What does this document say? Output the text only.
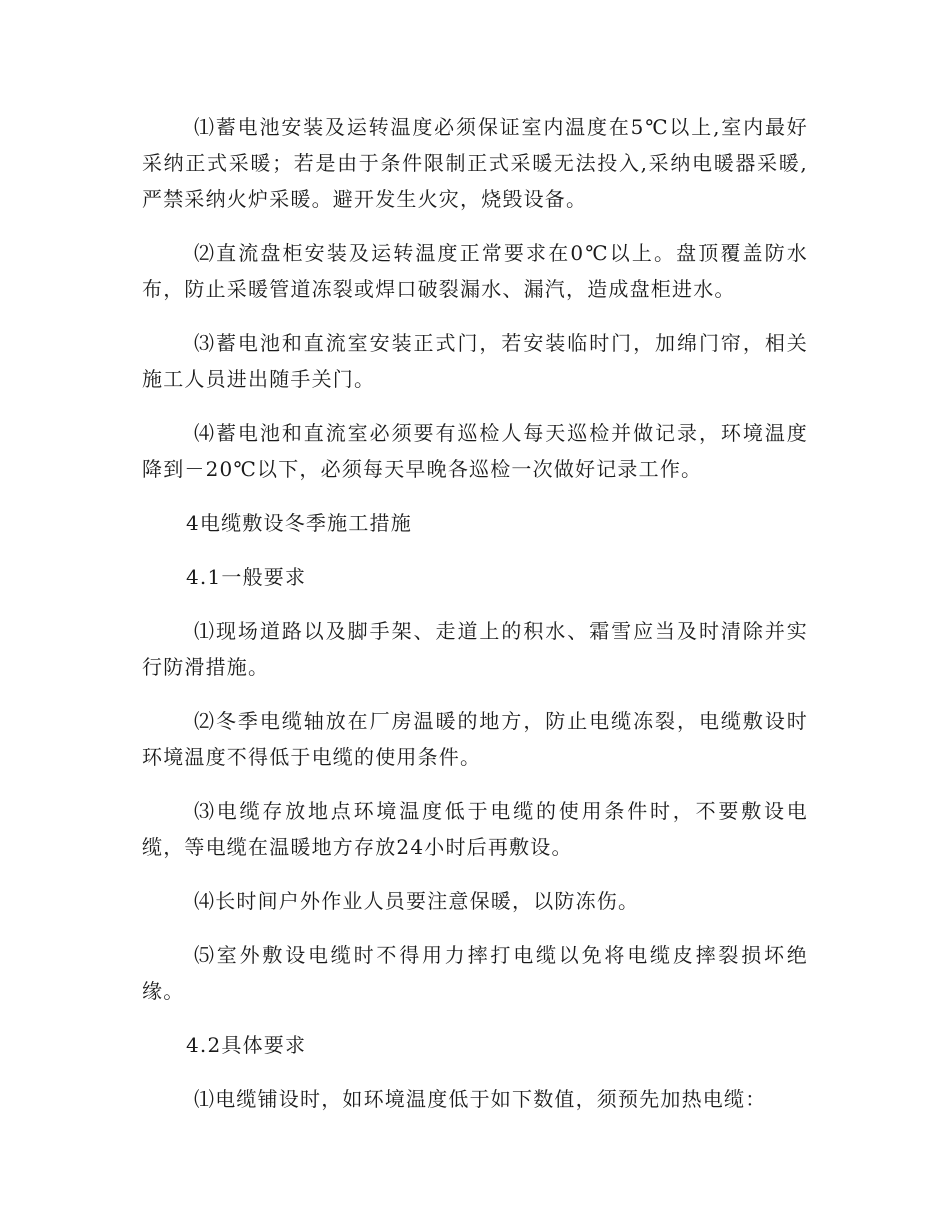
⑴蓄电池安装及运转温度必须保证室内温度在5℃以上,室内最好采纳正式采暖；若是由于条件限制正式采暖无法投入,采纳电暖器采暖,严禁采纳火炉采暖。避开发生火灾，烧毁设备。

⑵直流盘柜安装及运转温度正常要求在0℃以上。盘顶覆盖防水布，防止采暖管道冻裂或焊口破裂漏水、漏汽，造成盘柜进水。

⑶蓄电池和直流室安装正式门，若安装临时门，加绵门帘，相关施工人员进出随手关门。

⑷蓄电池和直流室必须要有巡检人每天巡检并做记录，环境温度降到－20℃以下，必须每天早晚各巡检一次做好记录工作。

4电缆敷设冬季施工措施

4.1一般要求

⑴现场道路以及脚手架、走道上的积水、霜雪应当及时清除并实行防滑措施。

⑵冬季电缆轴放在厂房温暖的地方，防止电缆冻裂，电缆敷设时环境温度不得低于电缆的使用条件。

⑶电缆存放地点环境温度低于电缆的使用条件时，不要敷设电缆，等电缆在温暖地方存放24小时后再敷设。

⑷长时间户外作业人员要注意保暖，以防冻伤。

⑸室外敷设电缆时不得用力摔打电缆以免将电缆皮摔裂损坏绝缘。

4.2具体要求

⑴电缆铺设时，如环境温度低于如下数值，须预先加热电缆：
